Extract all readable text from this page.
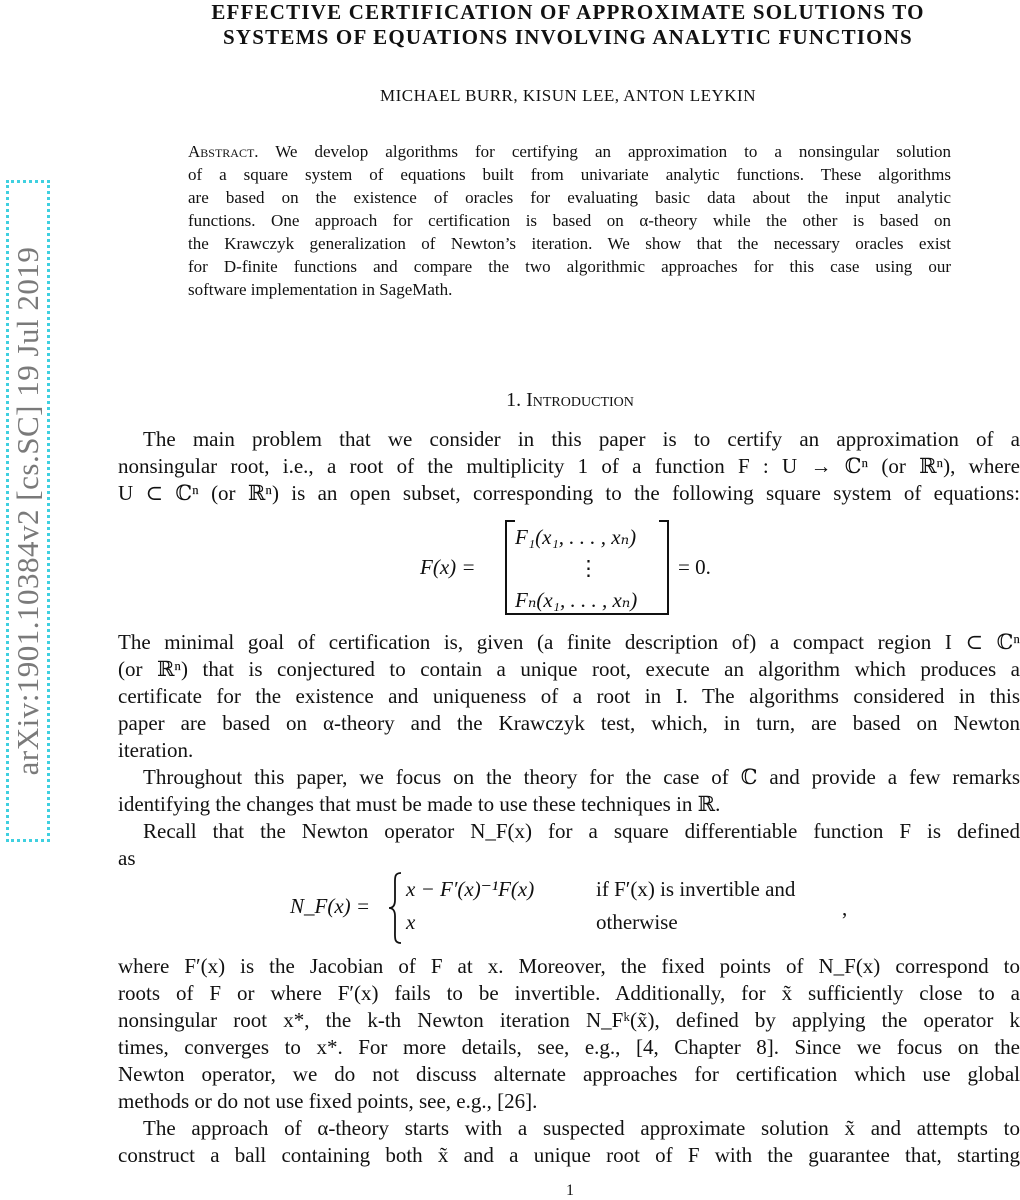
arXiv:1901.10384v2 [cs.SC] 19 Jul 2019
EFFECTIVE CERTIFICATION OF APPROXIMATE SOLUTIONS TO
SYSTEMS OF EQUATIONS INVOLVING ANALYTIC FUNCTIONS
MICHAEL BURR, KISUN LEE, ANTON LEYKIN
Abstract. We develop algorithms for certifying an approximation to a nonsingular solution
of a square system of equations built from univariate analytic functions. These algorithms
are based on the existence of oracles for evaluating basic data about the input analytic
functions. One approach for certification is based on α-theory while the other is based on
the Krawczyk generalization of Newton’s iteration. We show that the necessary oracles exist
for D-finite functions and compare the two algorithmic approaches for this case using our
software implementation in SageMath.
1. Introduction
The main problem that we consider in this paper is to certify an approximation of a
nonsingular root, i.e., a root of the multiplicity 1 of a function F : U → ℂⁿ (or ℝⁿ), where
U ⊂ ℂⁿ (or ℝⁿ) is an open subset, corresponding to the following square system of equations:
F(x) =
F₁(x₁, . . . , xₙ)
⋮
Fₙ(x₁, . . . , xₙ)
= 0.
The minimal goal of certification is, given (a finite description of) a compact region I ⊂ ℂⁿ
(or ℝⁿ) that is conjectured to contain a unique root, execute an algorithm which produces a
certificate for the existence and uniqueness of a root in I. The algorithms considered in this
paper are based on α-theory and the Krawczyk test, which, in turn, are based on Newton
iteration.
Throughout this paper, we focus on the theory for the case of ℂ and provide a few remarks
identifying the changes that must be made to use these techniques in ℝ.
Recall that the Newton operator N_F(x) for a square differentiable function F is defined
as
N_F(x) =
x − F′(x)⁻¹F(x)	if F′(x) is invertible and
x	otherwise
,
where F′(x) is the Jacobian of F at x. Moreover, the fixed points of N_F(x) correspond to
roots of F or where F′(x) fails to be invertible. Additionally, for x̃ sufficiently close to a
nonsingular root x*, the k-th Newton iteration N_Fᵏ(x̃), defined by applying the operator k
times, converges to x*. For more details, see, e.g., [4, Chapter 8]. Since we focus on the
Newton operator, we do not discuss alternate approaches for certification which use global
methods or do not use fixed points, see, e.g., [26].
The approach of α-theory starts with a suspected approximate solution x̃ and attempts to
construct a ball containing both x̃ and a unique root of F with the guarantee that, starting
1
